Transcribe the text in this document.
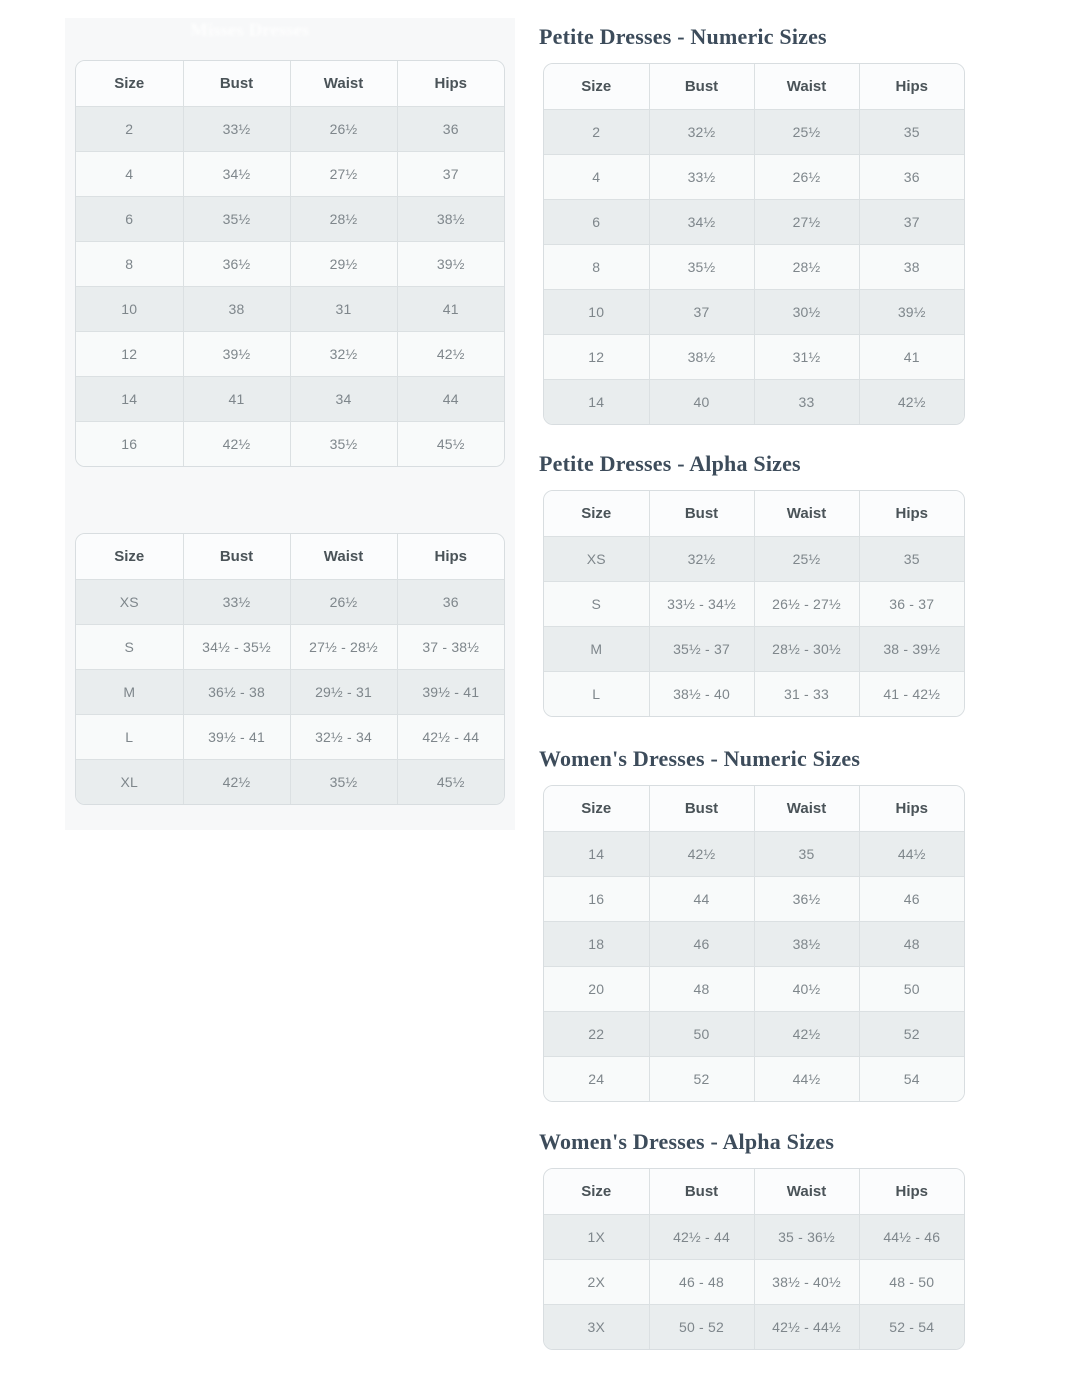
Misses Dresses
Size	Bust	Waist	Hips
2	33½	26½	36
4	34½	27½	37
6	35½	28½	38½
8	36½	29½	39½
10	38	31	41
12	39½	32½	42½
14	41	34	44
16	42½	35½	45½
Size	Bust	Waist	Hips
XS	33½	26½	36
S	34½ - 35½	27½ - 28½	37 - 38½
M	36½ - 38	29½ - 31	39½ - 41
L	39½ - 41	32½ - 34	42½ - 44
XL	42½	35½	45½
Petite Dresses - Numeric Sizes
Size	Bust	Waist	Hips
2	32½	25½	35
4	33½	26½	36
6	34½	27½	37
8	35½	28½	38
10	37	30½	39½
12	38½	31½	41
14	40	33	42½
Petite Dresses - Alpha Sizes
Size	Bust	Waist	Hips
XS	32½	25½	35
S	33½ - 34½	26½ - 27½	36 - 37
M	35½ - 37	28½ - 30½	38 - 39½
L	38½ - 40	31 - 33	41 - 42½
Women's Dresses - Numeric Sizes
Size	Bust	Waist	Hips
14	42½	35	44½
16	44	36½	46
18	46	38½	48
20	48	40½	50
22	50	42½	52
24	52	44½	54
Women's Dresses - Alpha Sizes
Size	Bust	Waist	Hips
1X	42½ - 44	35 - 36½	44½ - 46
2X	46 - 48	38½ - 40½	48 - 50
3X	50 - 52	42½ - 44½	52 - 54
